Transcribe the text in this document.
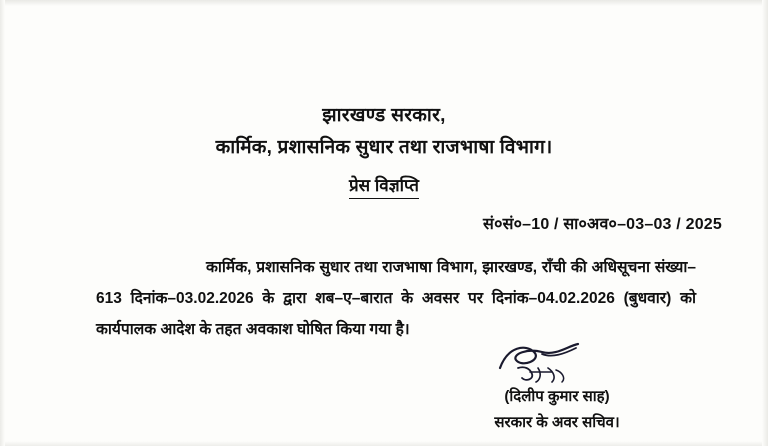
झारखण्ड सरकार,
कार्मिक, प्रशासनिक सुधार तथा राजभाषा विभाग।
प्रेस विज्ञप्ति
सं०सं०–10 / सा०अव०–03–03 / 2025
कार्मिक, प्रशासनिक सुधार तथा राजभाषा विभाग, झारखण्ड, राँची की अधिसूचना संख्या–613 दिनांक–03.02.2026 के द्वारा शब–ए–बारात के अवसर पर दिनांक–04.02.2026 (बुधवार) को कार्यपालक आदेश के तहत अवकाश घोषित किया गया है।
(दिलीप कुमार साह)
सरकार के अवर सचिव।
